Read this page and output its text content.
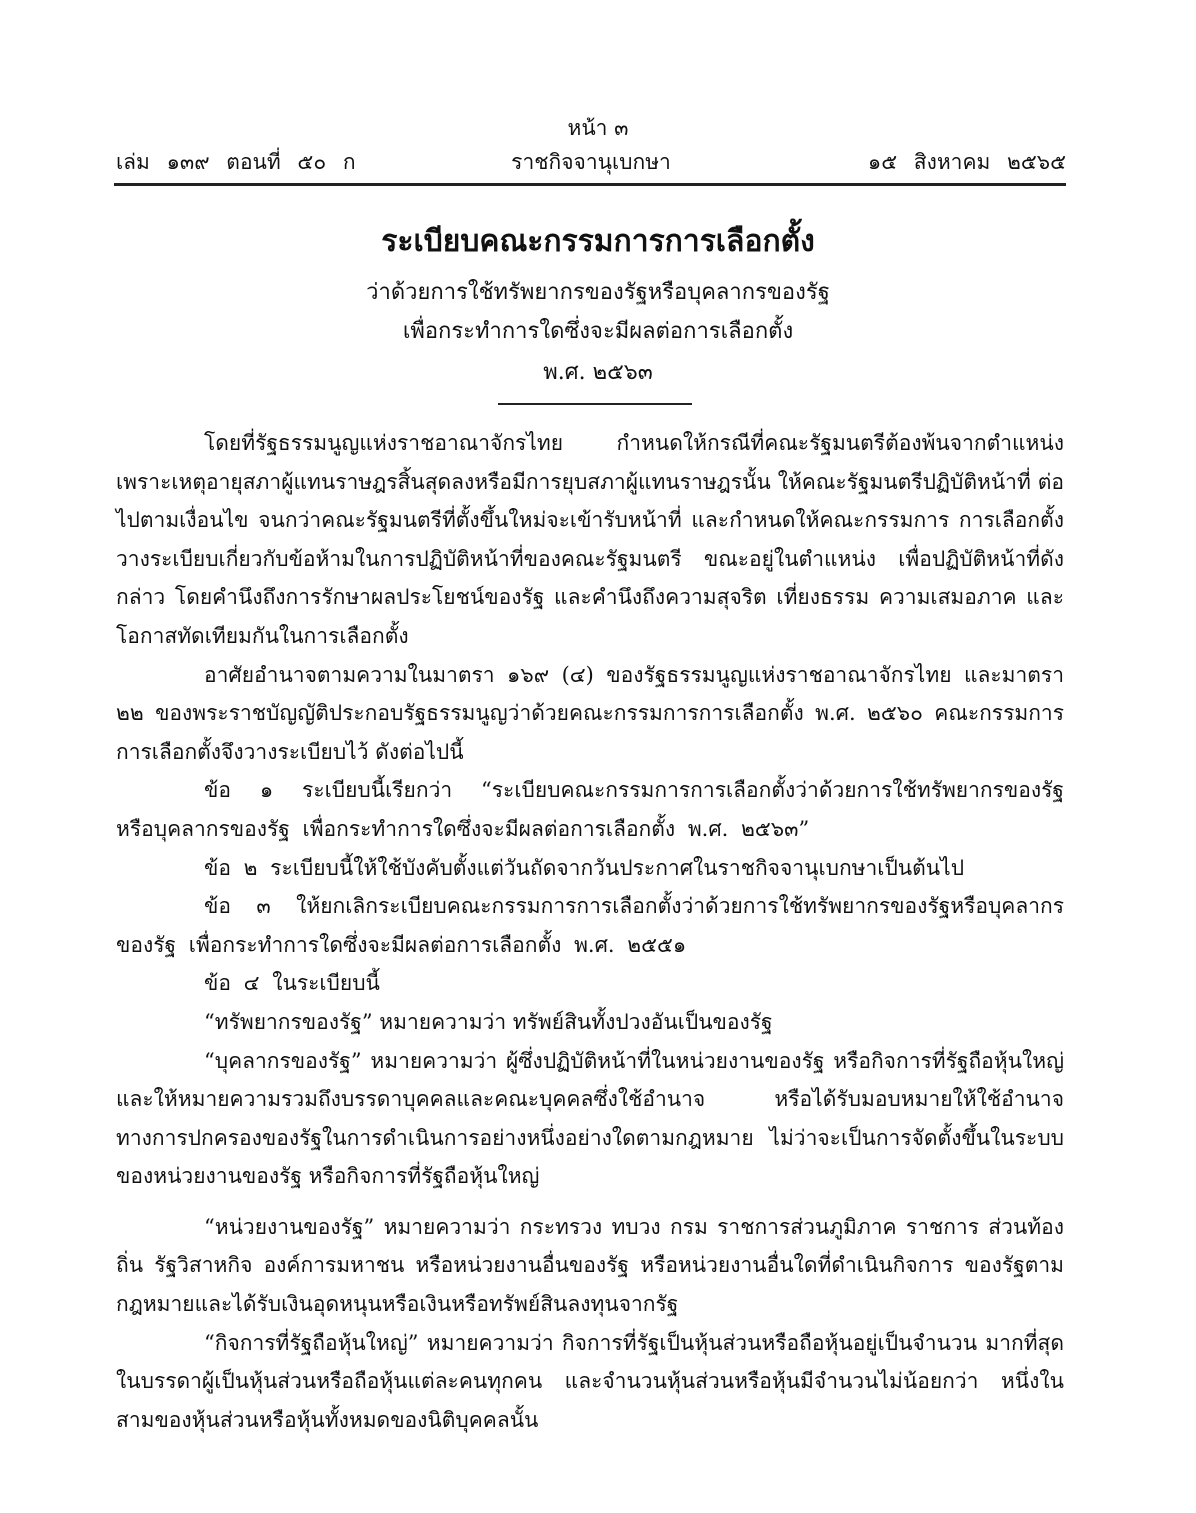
หน้า ๓
เล่ม ๑๓๙ ตอนที่ ๕๐ ก	ราชกิจจานุเบกษา	๑๕ สิงหาคม ๒๕๖๕
ระเบียบคณะกรรมการการเลือกตั้ง
ว่าด้วยการใช้ทรัพยากรของรัฐหรือบุคลากรของรัฐ
เพื่อกระทำการใดซึ่งจะมีผลต่อการเลือกตั้ง
พ.ศ. ๒๕๖๓

โดยที่รัฐธรรมนูญแห่งราชอาณาจักรไทย กำหนดให้กรณีที่คณะรัฐมนตรีต้องพ้นจากตำแหน่ง เพราะเหตุอายุสภาผู้แทนราษฎรสิ้นสุดลงหรือมีการยุบสภาผู้แทนราษฎรนั้น ให้คณะรัฐมนตรีปฏิบัติหน้าที่ ต่อไปตามเงื่อนไข จนกว่าคณะรัฐมนตรีที่ตั้งขึ้นใหม่จะเข้ารับหน้าที่ และกำหนดให้คณะกรรมการ การเลือกตั้งวางระเบียบเกี่ยวกับข้อห้ามในการปฏิบัติหน้าที่ของคณะรัฐมนตรี ขณะอยู่ในตำแหน่ง เพื่อปฏิบัติหน้าที่ดังกล่าว โดยคำนึงถึงการรักษาผลประโยชน์ของรัฐ และคำนึงถึงความสุจริต เที่ยงธรรม ความเสมอภาค และโอกาสทัดเทียมกันในการเลือกตั้ง

อาศัยอำนาจตามความในมาตรา ๑๖๙ (๔) ของรัฐธรรมนูญแห่งราชอาณาจักรไทย และมาตรา ๒๒ ของพระราชบัญญัติประกอบรัฐธรรมนูญว่าด้วยคณะกรรมการการเลือกตั้ง พ.ศ. ๒๕๖๐ คณะกรรมการ การเลือกตั้งจึงวางระเบียบไว้ ดังต่อไปนี้

ข้อ ๑ ระเบียบนี้เรียกว่า “ระเบียบคณะกรรมการการเลือกตั้งว่าด้วยการใช้ทรัพยากรของรัฐ หรือบุคลากรของรัฐ เพื่อกระทำการใดซึ่งจะมีผลต่อการเลือกตั้ง พ.ศ. ๒๕๖๓”

ข้อ ๒ ระเบียบนี้ให้ใช้บังคับตั้งแต่วันถัดจากวันประกาศในราชกิจจานุเบกษาเป็นต้นไป

ข้อ ๓ ให้ยกเลิกระเบียบคณะกรรมการการเลือกตั้งว่าด้วยการใช้ทรัพยากรของรัฐหรือบุคลากร ของรัฐ เพื่อกระทำการใดซึ่งจะมีผลต่อการเลือกตั้ง พ.ศ. ๒๕๕๑

ข้อ ๔ ในระเบียบนี้

“ทรัพยากรของรัฐ” หมายความว่า ทรัพย์สินทั้งปวงอันเป็นของรัฐ

“บุคลากรของรัฐ” หมายความว่า ผู้ซึ่งปฏิบัติหน้าที่ในหน่วยงานของรัฐ หรือกิจการที่รัฐถือหุ้นใหญ่ และให้หมายความรวมถึงบรรดาบุคคลและคณะบุคคลซึ่งใช้อำนาจ หรือได้รับมอบหมายให้ใช้อำนาจ ทางการปกครองของรัฐในการดำเนินการอย่างหนึ่งอย่างใดตามกฎหมาย ไม่ว่าจะเป็นการจัดตั้งขึ้นในระบบ ของหน่วยงานของรัฐ หรือกิจการที่รัฐถือหุ้นใหญ่

“หน่วยงานของรัฐ” หมายความว่า กระทรวง ทบวง กรม ราชการส่วนภูมิภาค ราชการ ส่วนท้องถิ่น รัฐวิสาหกิจ องค์การมหาชน หรือหน่วยงานอื่นของรัฐ หรือหน่วยงานอื่นใดที่ดำเนินกิจการ ของรัฐตามกฎหมายและได้รับเงินอุดหนุนหรือเงินหรือทรัพย์สินลงทุนจากรัฐ

“กิจการที่รัฐถือหุ้นใหญ่” หมายความว่า กิจการที่รัฐเป็นหุ้นส่วนหรือถือหุ้นอยู่เป็นจำนวน มากที่สุดในบรรดาผู้เป็นหุ้นส่วนหรือถือหุ้นแต่ละคนทุกคน และจำนวนหุ้นส่วนหรือหุ้นมีจำนวนไม่น้อยกว่า หนึ่งในสามของหุ้นส่วนหรือหุ้นทั้งหมดของนิติบุคคลนั้น
